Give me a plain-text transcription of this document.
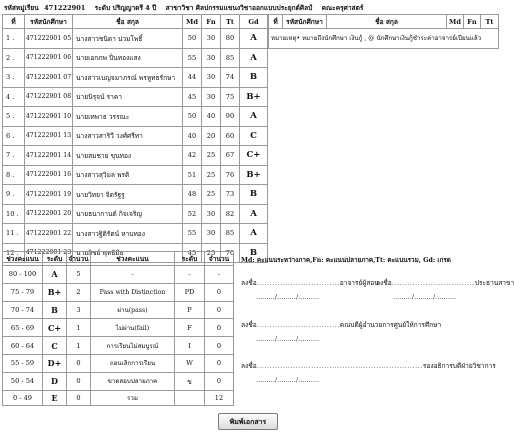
รหัสหมู่เรียน 471222901 ระดับ ปริญญาตรี 4 ปี สาขาวิชา ศิลปกรรมแขนงวิชาออกแบบประยุกต์ศิลป์ คณะครุศาสตร์
ที่	รหัสนักศึกษา	ชื่อ สกุล	Md	Fn	Tt	Gd
1 .	471222901 05	นางสาวชนิดา น่วมโพธิ์	50	30	80	A
2 .	471222901 06	นายเอกภพ ปิ่นทองแสง	55	30	85	A
3 .	471222901 07	นางสาวเบญจมาภรณ์ พรหูทธรักษา	44	30	74	B
4 .	471222901 08	นายนิรุจน์ ราคา	45	30	75	B+
5 .	471222901 10	นายเทพาธ วรรณะ	50	40	90	A
6 .	471222901 13	นางสาวสาริวี วงศ์ศรีทา	40	20	60	C
7 .	471222901 14	นายสมชาย ขุนทอง	42	25	67	C+
8 .	471222901 16	นางสาวสุวิมล พรติ	51	25	76	B+
9 .	471222901 19	นายวิทยา จิตรัฐรู	48	25	73	B
10 .	471222901 20	นายธนากานต์ กิจเจริญ	52	30	82	A
11 .	471222901 22	นางสาวฐิติรัตน์ หาบทอง	55	30	85	A
12 .	471222901 23	นายกิชย์ พุทธิมิธ	45	25	70	B
ที่	รหัสนักศึกษา	ชื่อ สกุล	Md	Fn	Tt
หมายเหตุ• หมายถึงนักศึกษา เงินกู้ , @ นักศึกษาเงินกู้ชำระค่าอาจารย์เปียนแล้ว
ช่วงคะแนน	ระดับ	จำนวน	ช่วงคะแนน	ระดับ	จำนวน
80 - 100	A	5	-	-	-
75 - 79	B+	2	Pass with Distinction	PD	0
70 - 74	B	3	ผ่าน(pass)	P	0
65 - 69	C+	1	ไม่ผ่าน(fail)	F	0
60 - 64	C	1	การเรียนไม่สมบูรณ์	I	0
55 - 59	D+	0	ถอนเลิกการเรียน	W	0
50 - 54	D	0	ขาดสอบปลายภาค	ข	0
0 - 49	E	0	รวม		12
Md: คะแนนระหว่างภาค,Fn: คะแนนปลายภาค,Tt: คะแนนรวม, Gd: เกรด
ลงชื่อ................................อาจารย์ผู้สอน
ลงชื่อ................................ประธานสาขา
........./........./..........	........./........./..........
ลงชื่อ................................คณบดีผู้อำนวยการศูนย์ให้การศึกษา
........./........./..........
ลงชื่อ................................................................รองอธิการบดีฝ่ายวิชาการ
........./........./..........
พิมพ์เอกสาร
